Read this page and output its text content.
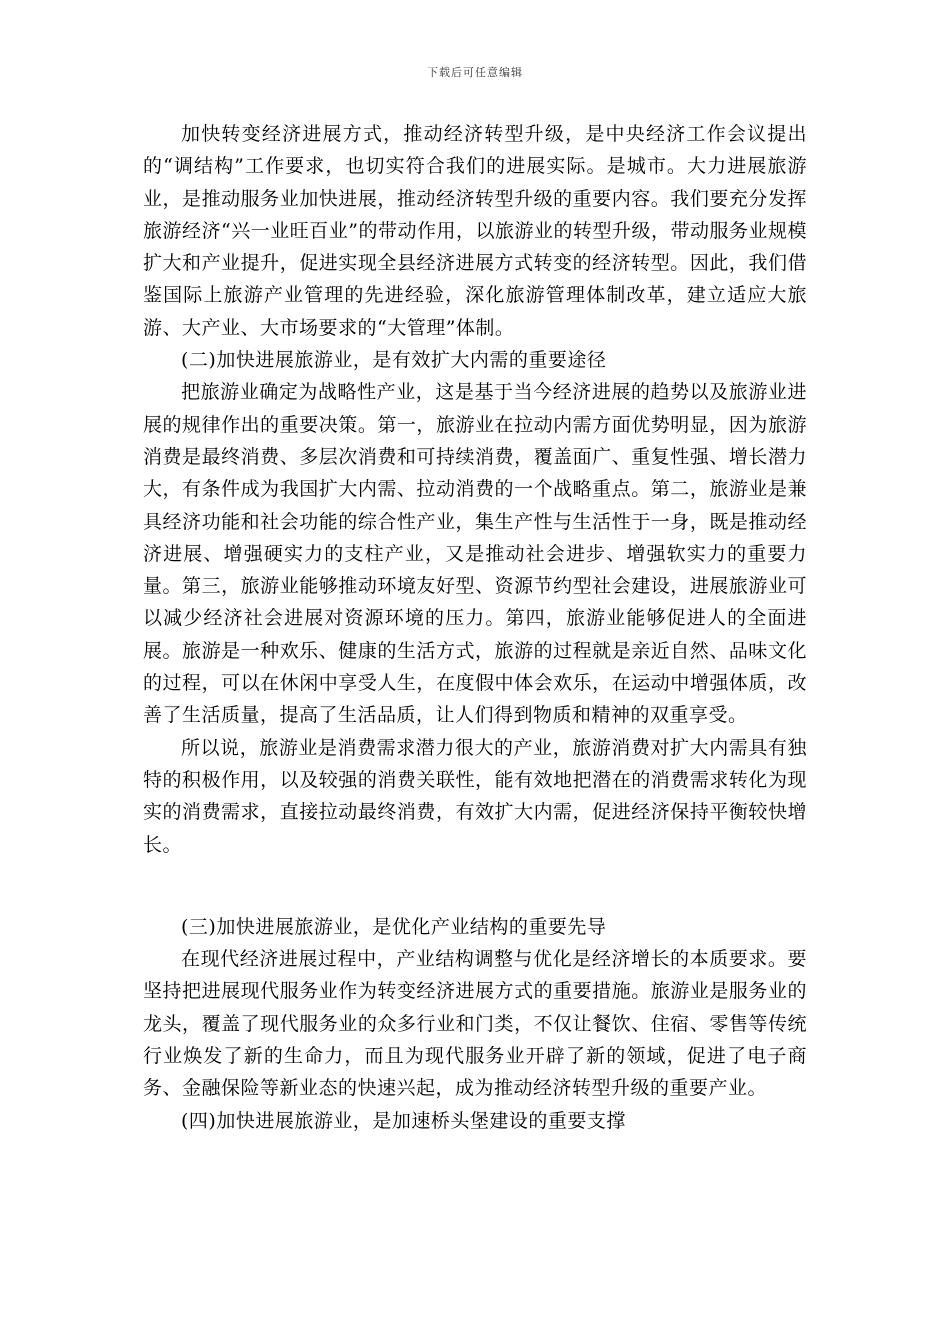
下载后可任意编辑

加快转变经济进展方式，推动经济转型升级，是中央经济工作会议提出的“调结构”工作要求，也切实符合我们的进展实际。是城市。大力进展旅游业，是推动服务业加快进展，推动经济转型升级的重要内容。我们要充分发挥旅游经济“兴一业旺百业”的带动作用，以旅游业的转型升级，带动服务业规模扩大和产业提升，促进实现全县经济进展方式转变的经济转型。因此，我们借鉴国际上旅游产业管理的先进经验，深化旅游管理体制改革，建立适应大旅游、大产业、大市场要求的“大管理”体制。

(二)加快进展旅游业，是有效扩大内需的重要途径

把旅游业确定为战略性产业，这是基于当今经济进展的趋势以及旅游业进展的规律作出的重要决策。第一，旅游业在拉动内需方面优势明显，因为旅游消费是最终消费、多层次消费和可持续消费，覆盖面广、重复性强、增长潜力大，有条件成为我国扩大内需、拉动消费的一个战略重点。第二，旅游业是兼具经济功能和社会功能的综合性产业，集生产性与生活性于一身，既是推动经济进展、增强硬实力的支柱产业，又是推动社会进步、增强软实力的重要力量。第三，旅游业能够推动环境友好型、资源节约型社会建设，进展旅游业可以减少经济社会进展对资源环境的压力。第四，旅游业能够促进人的全面进展。旅游是一种欢乐、健康的生活方式，旅游的过程就是亲近自然、品味文化的过程，可以在休闲中享受人生，在度假中体会欢乐，在运动中增强体质，改善了生活质量，提高了生活品质，让人们得到物质和精神的双重享受。

所以说，旅游业是消费需求潜力很大的产业，旅游消费对扩大内需具有独特的积极作用，以及较强的消费关联性，能有效地把潜在的消费需求转化为现实的消费需求，直接拉动最终消费，有效扩大内需，促进经济保持平衡较快增长。

(三)加快进展旅游业，是优化产业结构的重要先导

在现代经济进展过程中，产业结构调整与优化是经济增长的本质要求。要坚持把进展现代服务业作为转变经济进展方式的重要措施。旅游业是服务业的龙头，覆盖了现代服务业的众多行业和门类，不仅让餐饮、住宿、零售等传统行业焕发了新的生命力，而且为现代服务业开辟了新的领域，促进了电子商务、金融保险等新业态的快速兴起，成为推动经济转型升级的重要产业。

(四)加快进展旅游业，是加速桥头堡建设的重要支撑
